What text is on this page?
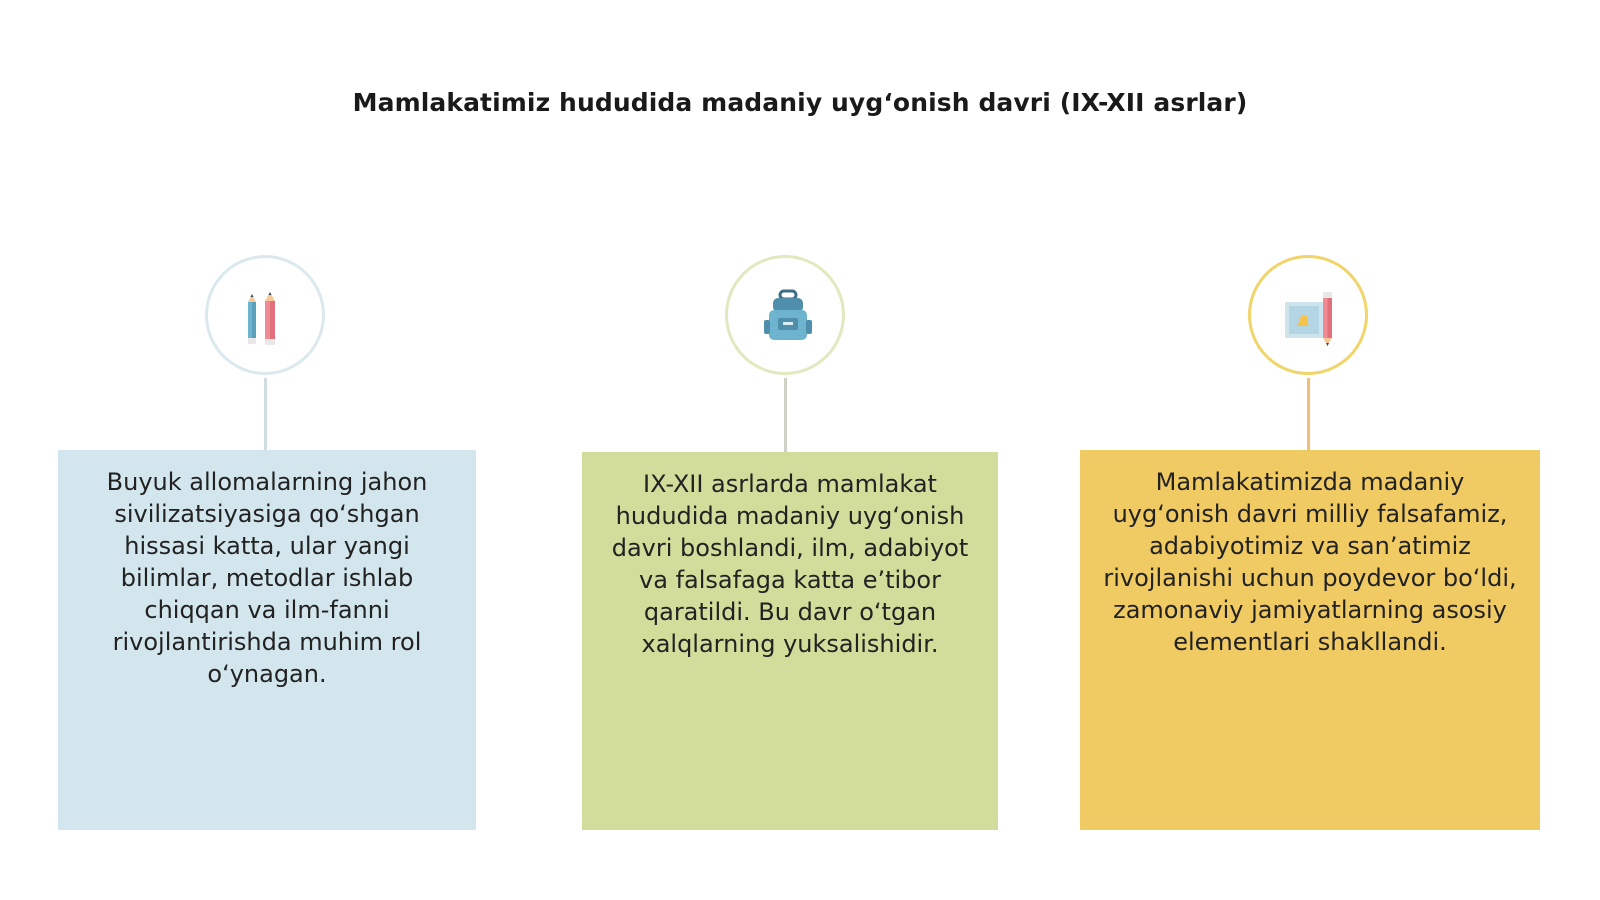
Mamlakatimiz hududida madaniy uyg‘onish davri (IX-XII asrlar)
Buyuk allomalarning jahon sivilizatsiyasiga qo‘shgan hissasi katta, ular yangi bilimlar, metodlar ishlab chiqqan va ilm-fanni rivojlantirishda muhim rol o‘ynagan.
IX-XII asrlarda mamlakat hududida madaniy uyg‘onish davri boshlandi, ilm, adabiyot va falsafaga katta e’tibor qaratildi. Bu davr o‘tgan xalqlarning yuksalishidir.
Mamlakatimizda madaniy uyg‘onish davri milliy falsafamiz, adabiyotimiz va san’atimiz rivojlanishi uchun poydevor bo‘ldi, zamonaviy jamiyatlarning asosiy elementlari shakllandi.
